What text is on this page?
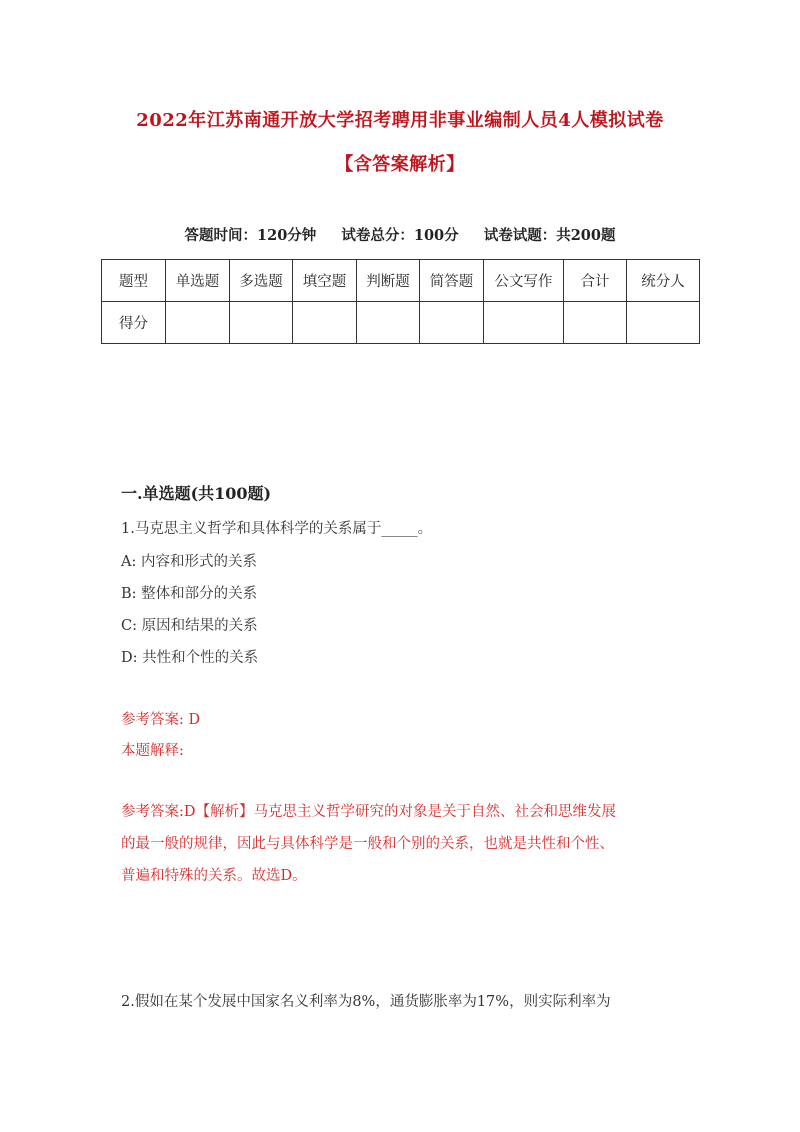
2022年江苏南通开放大学招考聘用非事业编制人员4人模拟试卷
【含答案解析】
答题时间：120分钟 试卷总分：100分 试卷试题：共200题
题型	单选题	多选题	填空题	判断题	简答题	公文写作	合计	统分人
得分								
一.单选题(共100题)
1.马克思主义哲学和具体科学的关系属于_____。
A: 内容和形式的关系
B: 整体和部分的关系
C: 原因和结果的关系
D: 共性和个性的关系
参考答案: D
本题解释:
参考答案:D【解析】马克思主义哲学研究的对象是关于自然、社会和思维发展
的最一般的规律，因此与具体科学是一般和个别的关系，也就是共性和个性、
普遍和特殊的关系。故选D。
2.假如在某个发展中国家名义利率为8%，通货膨胀率为17%，则实际利率为
